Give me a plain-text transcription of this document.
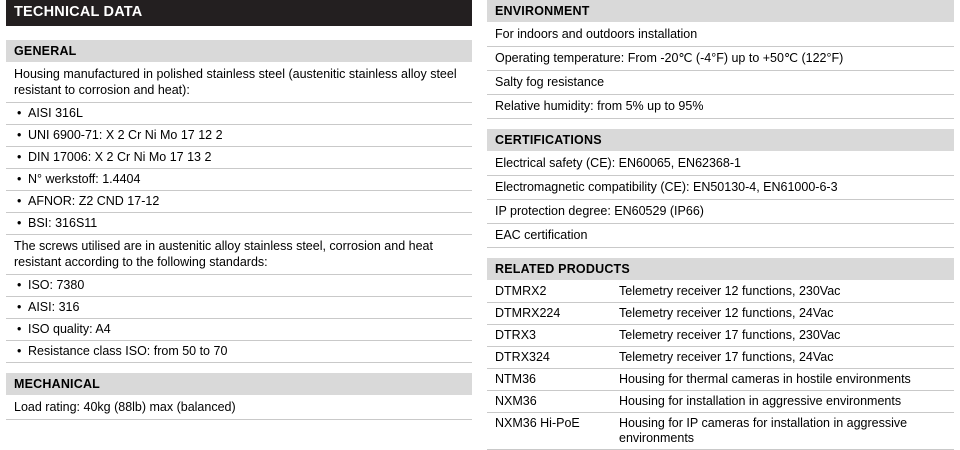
TECHNICAL DATA
GENERAL
Housing manufactured in polished stainless steel (austenitic stainless alloy steel resistant to corrosion and heat):
• AISI 316L
• UNI 6900-71: X 2 Cr Ni Mo 17 12 2
• DIN 17006: X 2 Cr Ni Mo 17 13 2
• N° werkstoff: 1.4404
• AFNOR: Z2 CND 17-12
• BSI: 316S11
The screws utilised are in austenitic alloy stainless steel, corrosion and heat resistant according to the following standards:
• ISO: 7380
• AISI: 316
• ISO quality: A4
• Resistance class ISO: from 50 to 70
MECHANICAL
Load rating: 40kg (88lb) max (balanced)
ENVIRONMENT
For indoors and outdoors installation
Operating temperature: From -20℃ (-4°F) up to +50℃ (122°F)
Salty fog resistance
Relative humidity: from 5% up to 95%
CERTIFICATIONS
Electrical safety (CE): EN60065, EN62368-1
Electromagnetic compatibility (CE): EN50130-4, EN61000-6-3
IP protection degree: EN60529 (IP66)
EAC certification
RELATED PRODUCTS
DTMRX2	Telemetry receiver 12 functions, 230Vac
DTMRX224	Telemetry receiver 12 functions, 24Vac
DTRX3	Telemetry receiver 17 functions, 230Vac
DTRX324	Telemetry receiver 17 functions, 24Vac
NTM36	Housing for thermal cameras in hostile environments
NXM36	Housing for installation in aggressive environments
NXM36 Hi-PoE	Housing for IP cameras for installation in aggressive environments
